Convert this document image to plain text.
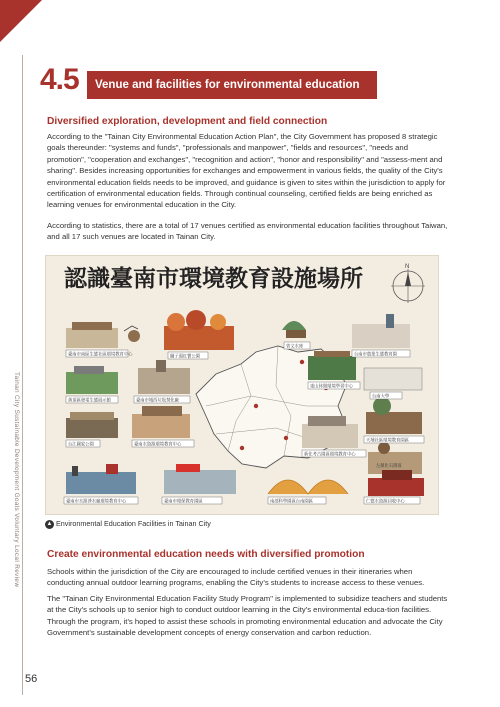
Tainan City Sustainable Development Goals Voluntary Local Review
4.5	Venue and facilities for environmental education
Diversified exploration, development and field connection

According to the "Tainan City Environmental Education Action Plan", the City Government has proposed 8 strategic goals thereunder: "systems and funds", "professionals and manpower", "fields and resources", "needs and promotion", "cooperation and exchanges", "recognition and action", "honor and responsibility" and "assess-ment and sharing". Besides increasing opportunities for exchanges and empowerment in various fields, the quality of the City's environmental education fields needs to be improved, and guidance is given to sites within the jurisdiction to apply for certification of environmental education fields. Through continual counseling, certified fields are being enriched as learning venues for environmental education in the City.

According to statistics, there are a total of 17 venues certified as environmental education facilities throughout Taiwan, and all 17 such venues are located in Tainan City.

認識臺南市環境教育設施場所	N
臺南市南區生態社區環境教育中心	獅子頭紅寶公園
曾文水庫
台南市農業生態教育園
黃頂區發電生態展示館	臺南市城西垃圾焚化廠
東山休閒環境學習中心
台南大學
台江國家公園	臺南水資源環境教育中心
天埔社區環境教育園區
新化考古園區環境教育中心
左鎮化石園區
臺南市水源淨水廠環境教育中心	臺南市環保教育園區	南部科學園區台南園區	仁德水資源回收中心
▲ Environmental Education Facilities in Tainan City
Create environmental education needs with diversified promotion

Schools within the jurisdiction of the City are encouraged to include certified venues in their itineraries when conducting annual outdoor learning programs, enabling the City’s students to increase access to these venues.

The "Tainan City Environmental Education Facility Study Program" is implemented to subsidize teachers and students at the City's schools up to senior high to conduct outdoor learning in the City's environmental educa-tion facilities. Through the program, it’s hoped to assist these schools in promoting environmental education and advocate the City Government’s sustainable development concepts of energy conservation and carbon reduction.

56
